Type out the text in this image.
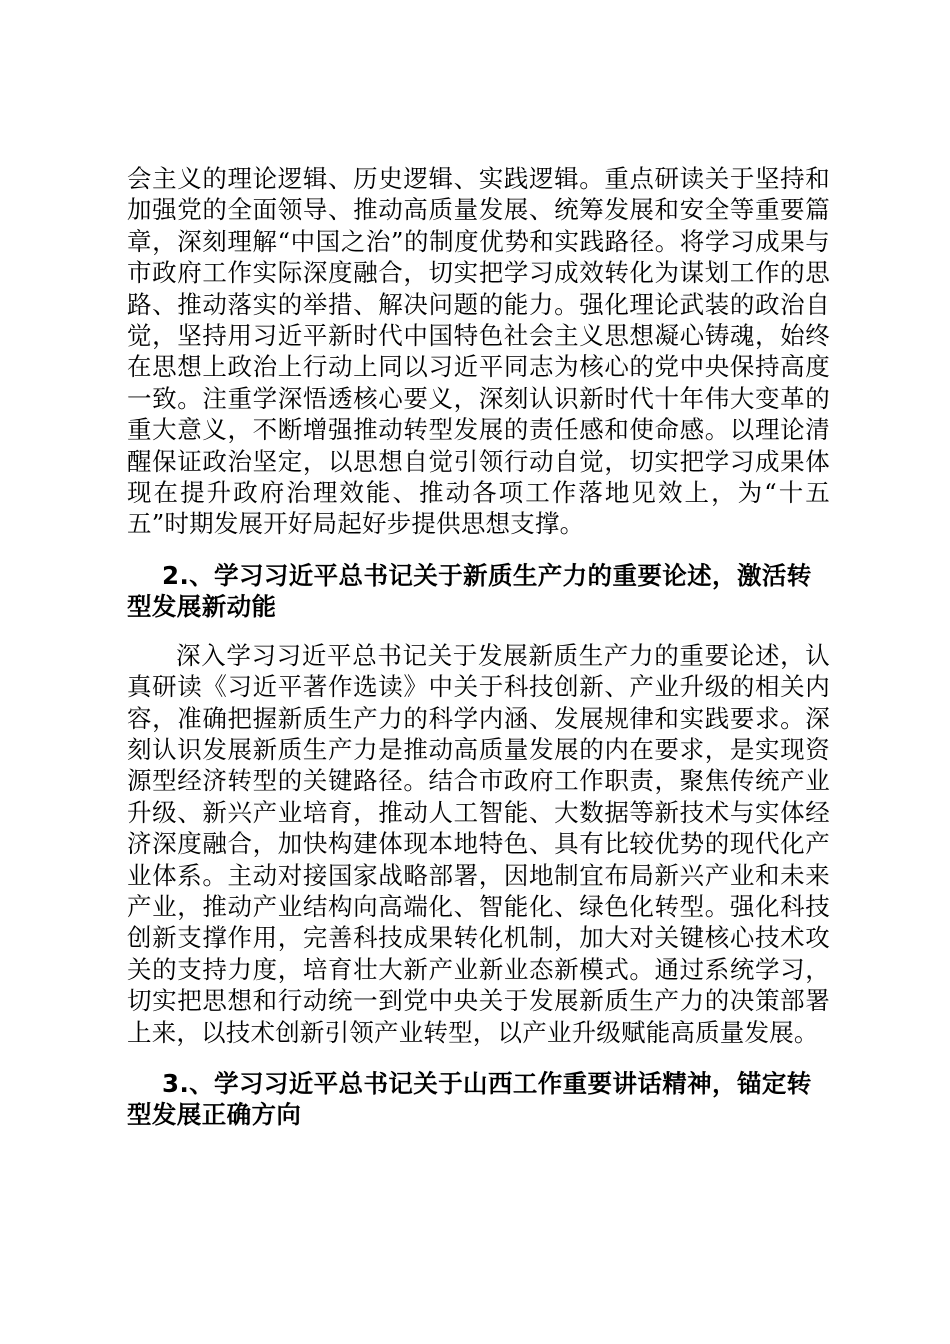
会主义的理论逻辑、历史逻辑、实践逻辑。重点研读关于坚持和加强党的全面领导、推动高质量发展、统筹发展和安全等重要篇章，深刻理解“中国之治”的制度优势和实践路径。将学习成果与市政府工作实际深度融合，切实把学习成效转化为谋划工作的思路、推动落实的举措、解决问题的能力。强化理论武装的政治自觉，坚持用习近平新时代中国特色社会主义思想凝心铸魂，始终在思想上政治上行动上同以习近平同志为核心的党中央保持高度一致。注重学深悟透核心要义，深刻认识新时代十年伟大变革的重大意义，不断增强推动转型发展的责任感和使命感。以理论清醒保证政治坚定，以思想自觉引领行动自觉，切实把学习成果体现在提升政府治理效能、推动各项工作落地见效上，为“十五五”时期发展开好局起好步提供思想支撑。

2.、学习习近平总书记关于新质生产力的重要论述，激活转型发展新动能

深入学习习近平总书记关于发展新质生产力的重要论述，认真研读《习近平著作选读》中关于科技创新、产业升级的相关内容，准确把握新质生产力的科学内涵、发展规律和实践要求。深刻认识发展新质生产力是推动高质量发展的内在要求，是实现资源型经济转型的关键路径。结合市政府工作职责，聚焦传统产业升级、新兴产业培育，推动人工智能、大数据等新技术与实体经济深度融合，加快构建体现本地特色、具有比较优势的现代化产业体系。主动对接国家战略部署，因地制宜布局新兴产业和未来产业，推动产业结构向高端化、智能化、绿色化转型。强化科技创新支撑作用，完善科技成果转化机制，加大对关键核心技术攻关的支持力度，培育壮大新产业新业态新模式。通过系统学习，切实把思想和行动统一到党中央关于发展新质生产力的决策部署上来，以技术创新引领产业转型，以产业升级赋能高质量发展。

3.、学习习近平总书记关于山西工作重要讲话精神，锚定转型发展正确方向
